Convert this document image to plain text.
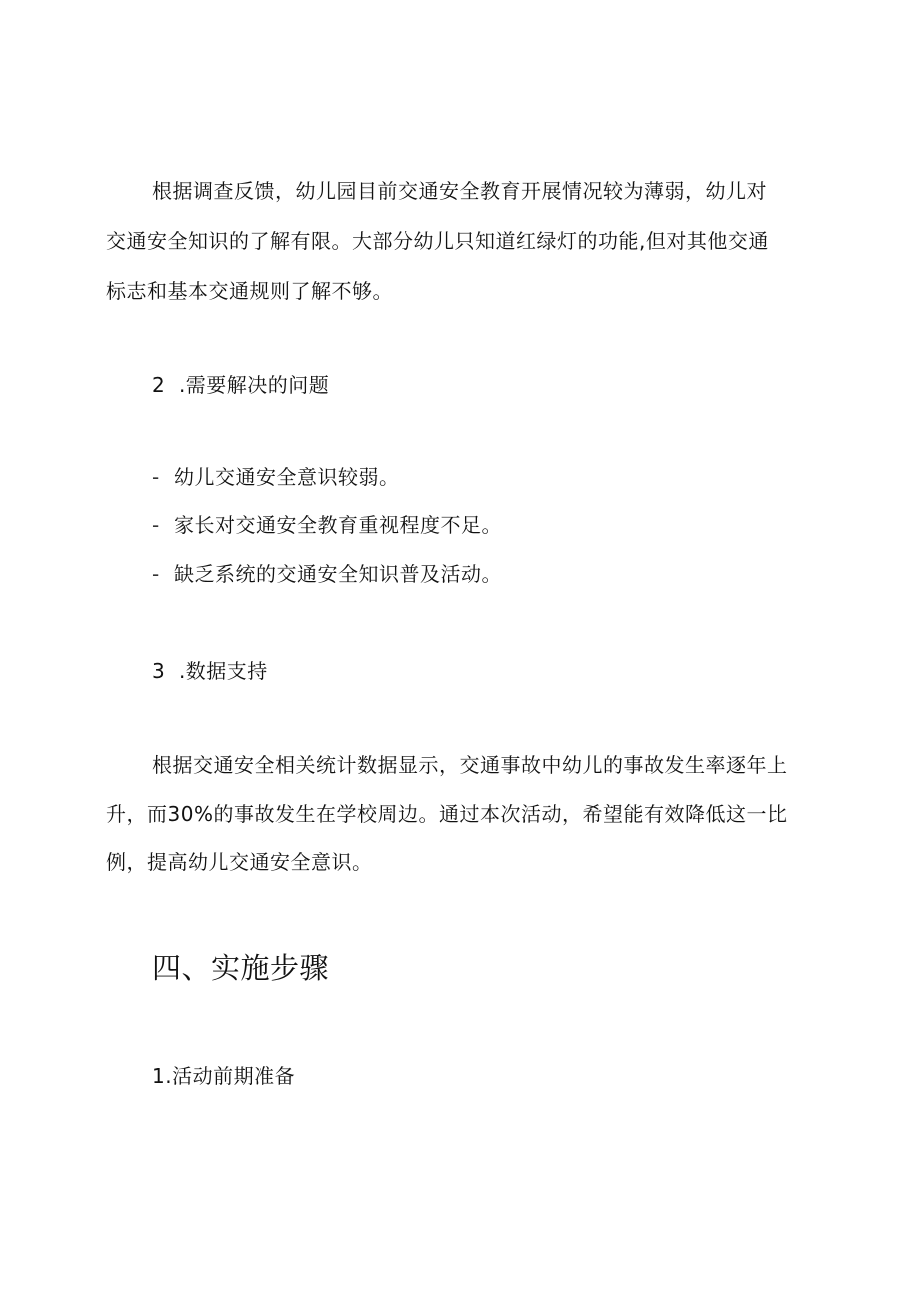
根据调查反馈，幼儿园目前交通安全教育开展情况较为薄弱，幼儿对
交通安全知识的了解有限。大部分幼儿只知道红绿灯的功能,但对其他交通
标志和基本交通规则了解不够。
2  .需要解决的问题
- 幼儿交通安全意识较弱。
- 家长对交通安全教育重视程度不足。
- 缺乏系统的交通安全知识普及活动。
3  .数据支持
根据交通安全相关统计数据显示，交通事故中幼儿的事故发生率逐年上
升，而30%的事故发生在学校周边。通过本次活动，希望能有效降低这一比
例，提高幼儿交通安全意识。
四、实施步骤
1.活动前期准备
